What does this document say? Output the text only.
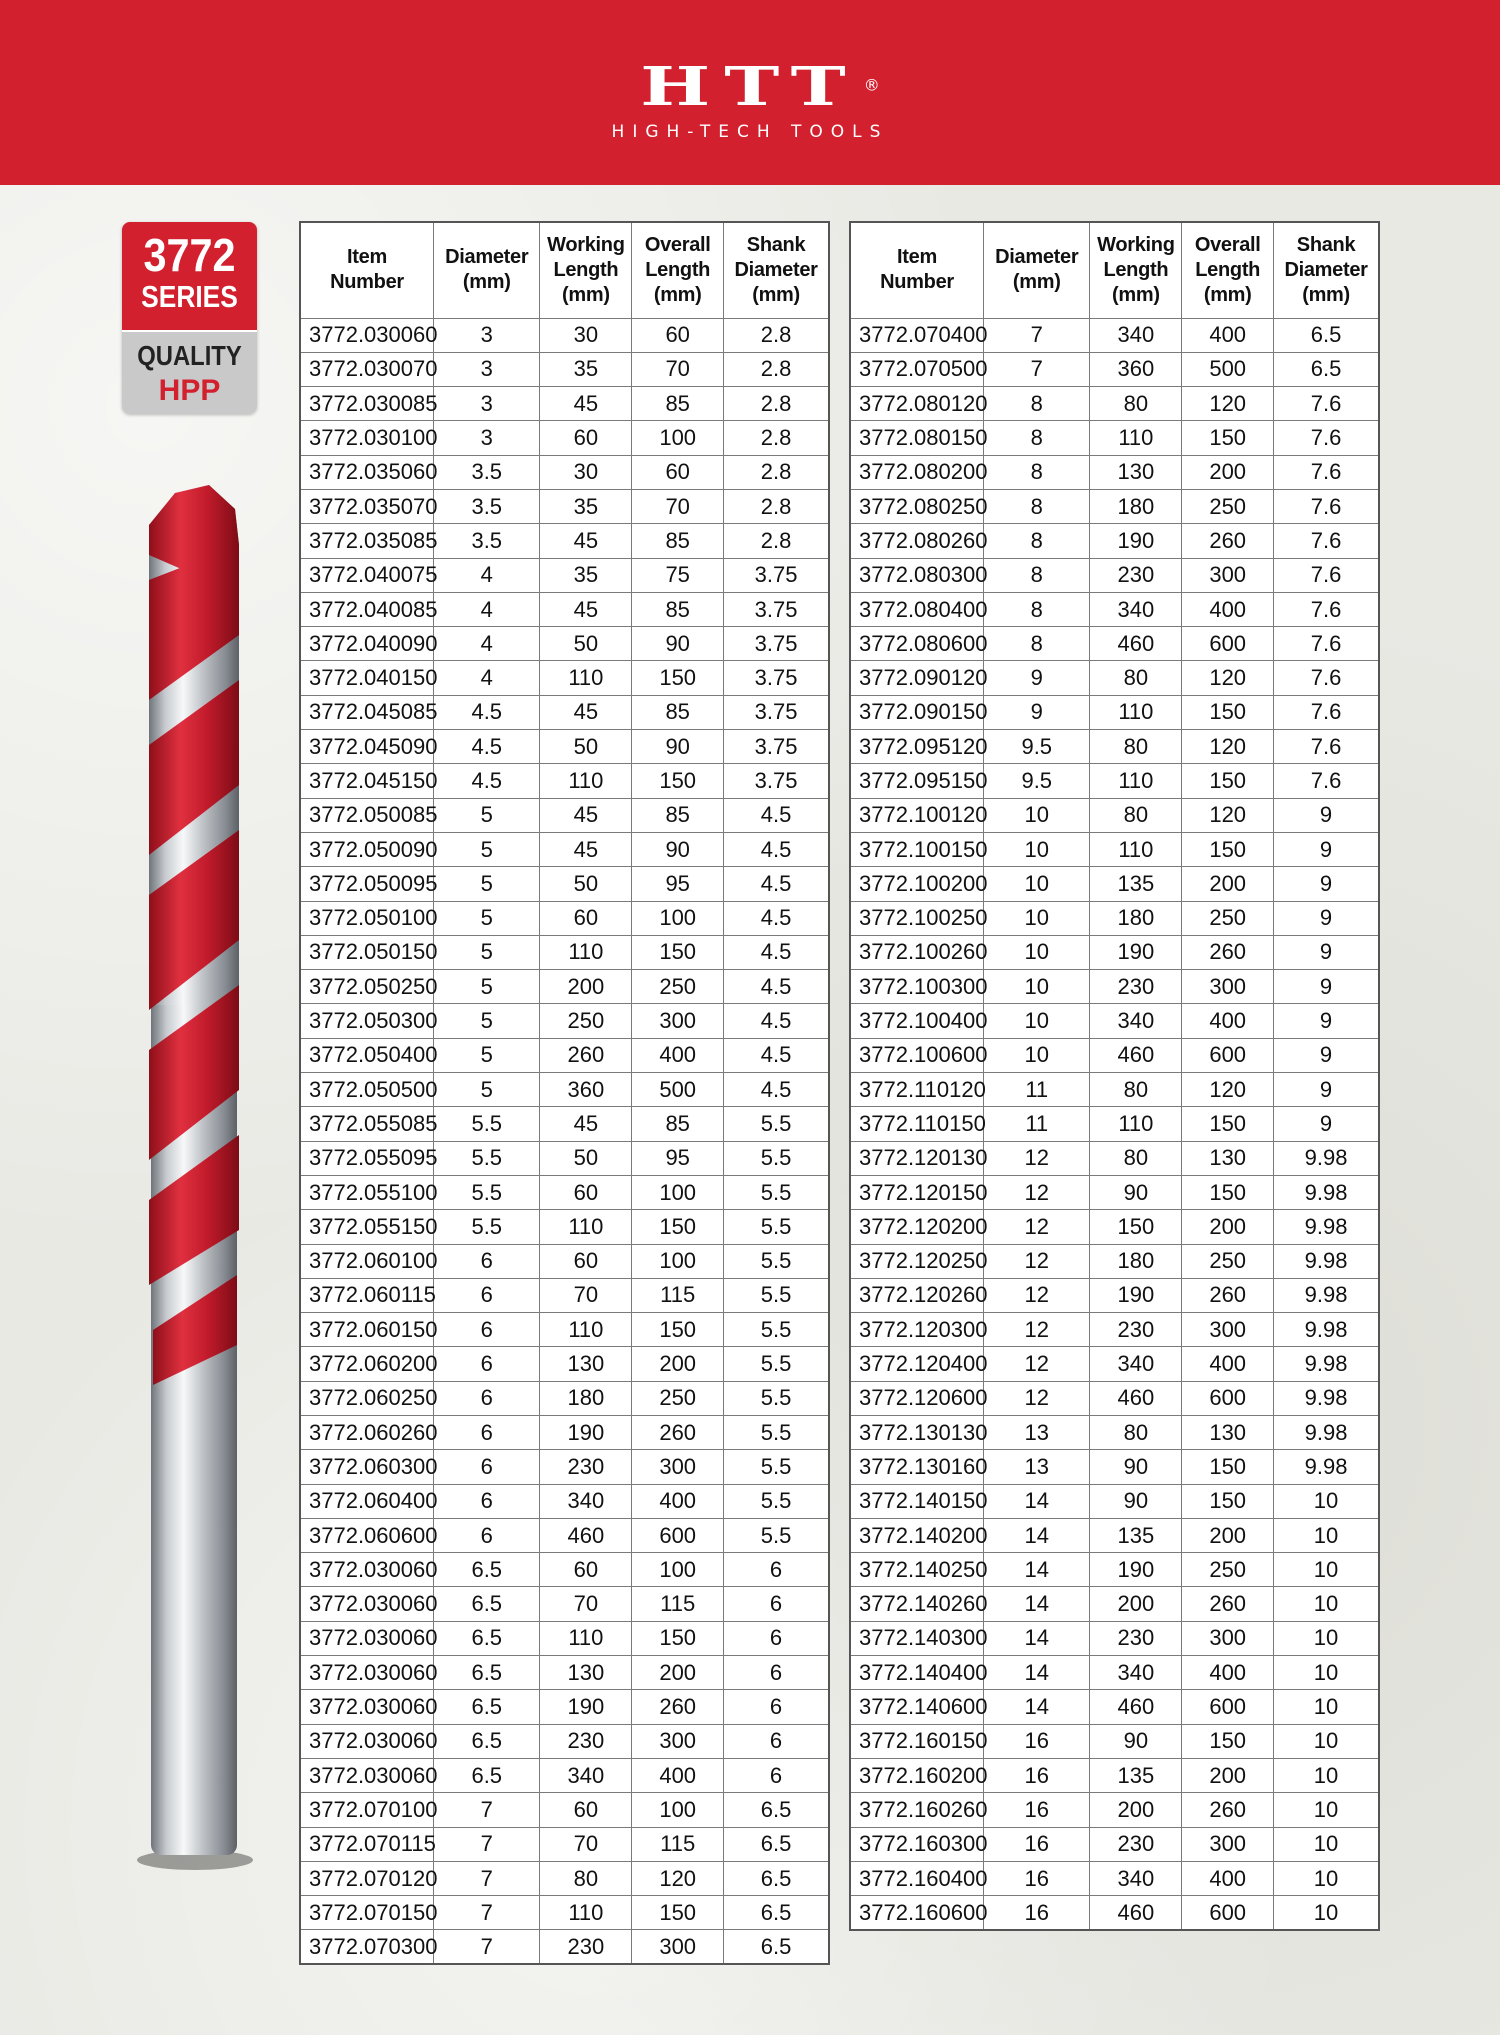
HTT ®
HIGH-TECH TOOLS
3772
SERIES
QUALITY
HPP
Item
Number	Diameter
(mm)	Working
Length
(mm)	Overall
Length
(mm)	Shank
Diameter
(mm)
3772.030060	3	30	60	2.8
3772.030070	3	35	70	2.8
3772.030085	3	45	85	2.8
3772.030100	3	60	100	2.8
3772.035060	3.5	30	60	2.8
3772.035070	3.5	35	70	2.8
3772.035085	3.5	45	85	2.8
3772.040075	4	35	75	3.75
3772.040085	4	45	85	3.75
3772.040090	4	50	90	3.75
3772.040150	4	110	150	3.75
3772.045085	4.5	45	85	3.75
3772.045090	4.5	50	90	3.75
3772.045150	4.5	110	150	3.75
3772.050085	5	45	85	4.5
3772.050090	5	45	90	4.5
3772.050095	5	50	95	4.5
3772.050100	5	60	100	4.5
3772.050150	5	110	150	4.5
3772.050250	5	200	250	4.5
3772.050300	5	250	300	4.5
3772.050400	5	260	400	4.5
3772.050500	5	360	500	4.5
3772.055085	5.5	45	85	5.5
3772.055095	5.5	50	95	5.5
3772.055100	5.5	60	100	5.5
3772.055150	5.5	110	150	5.5
3772.060100	6	60	100	5.5
3772.060115	6	70	115	5.5
3772.060150	6	110	150	5.5
3772.060200	6	130	200	5.5
3772.060250	6	180	250	5.5
3772.060260	6	190	260	5.5
3772.060300	6	230	300	5.5
3772.060400	6	340	400	5.5
3772.060600	6	460	600	5.5
3772.030060	6.5	60	100	6
3772.030060	6.5	70	115	6
3772.030060	6.5	110	150	6
3772.030060	6.5	130	200	6
3772.030060	6.5	190	260	6
3772.030060	6.5	230	300	6
3772.030060	6.5	340	400	6
3772.070100	7	60	100	6.5
3772.070115	7	70	115	6.5
3772.070120	7	80	120	6.5
3772.070150	7	110	150	6.5
3772.070300	7	230	300	6.5
Item
Number	Diameter
(mm)	Working
Length
(mm)	Overall
Length
(mm)	Shank
Diameter
(mm)
3772.070400	7	340	400	6.5
3772.070500	7	360	500	6.5
3772.080120	8	80	120	7.6
3772.080150	8	110	150	7.6
3772.080200	8	130	200	7.6
3772.080250	8	180	250	7.6
3772.080260	8	190	260	7.6
3772.080300	8	230	300	7.6
3772.080400	8	340	400	7.6
3772.080600	8	460	600	7.6
3772.090120	9	80	120	7.6
3772.090150	9	110	150	7.6
3772.095120	9.5	80	120	7.6
3772.095150	9.5	110	150	7.6
3772.100120	10	80	120	9
3772.100150	10	110	150	9
3772.100200	10	135	200	9
3772.100250	10	180	250	9
3772.100260	10	190	260	9
3772.100300	10	230	300	9
3772.100400	10	340	400	9
3772.100600	10	460	600	9
3772.110120	11	80	120	9
3772.110150	11	110	150	9
3772.120130	12	80	130	9.98
3772.120150	12	90	150	9.98
3772.120200	12	150	200	9.98
3772.120250	12	180	250	9.98
3772.120260	12	190	260	9.98
3772.120300	12	230	300	9.98
3772.120400	12	340	400	9.98
3772.120600	12	460	600	9.98
3772.130130	13	80	130	9.98
3772.130160	13	90	150	9.98
3772.140150	14	90	150	10
3772.140200	14	135	200	10
3772.140250	14	190	250	10
3772.140260	14	200	260	10
3772.140300	14	230	300	10
3772.140400	14	340	400	10
3772.140600	14	460	600	10
3772.160150	16	90	150	10
3772.160200	16	135	200	10
3772.160260	16	200	260	10
3772.160300	16	230	300	10
3772.160400	16	340	400	10
3772.160600	16	460	600	10
